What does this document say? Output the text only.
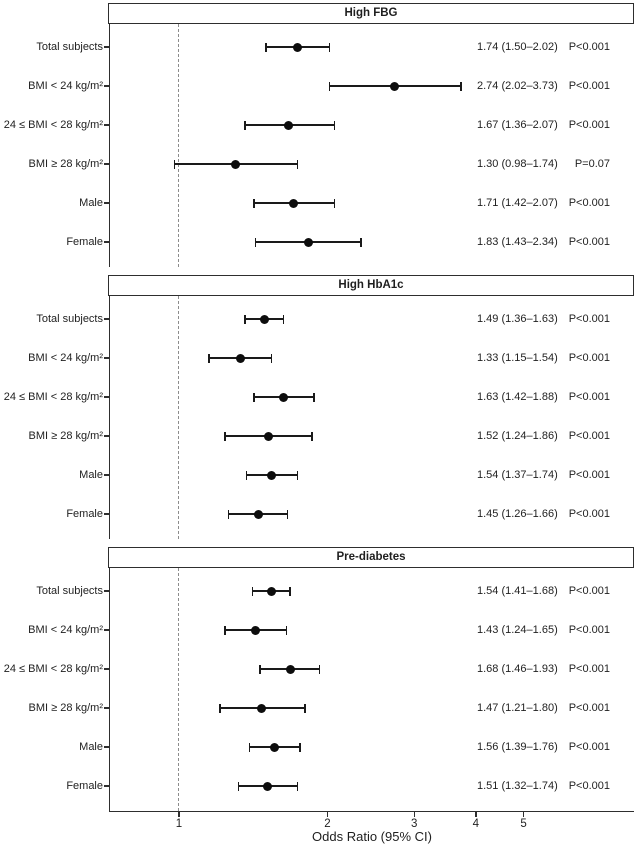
High FBG
High HbA1c
Pre-diabetes
Total subjects	1.74 (1.50–2.02) P<0.001
BMI < 24 kg/m²	2.74 (2.02–3.73) P<0.001
24 ≤ BMI < 28 kg/m²	1.67 (1.36–2.07) P<0.001
BMI ≥ 28 kg/m²	1.30 (0.98–1.74) P=0.07
Male	1.71 (1.42–2.07) P<0.001
Female	1.83 (1.43–2.34) P<0.001
Total subjects	1.49 (1.36–1.63) P<0.001
BMI < 24 kg/m²	1.33 (1.15–1.54) P<0.001
24 ≤ BMI < 28 kg/m²	1.63 (1.42–1.88) P<0.001
BMI ≥ 28 kg/m²	1.52 (1.24–1.86) P<0.001
Male	1.54 (1.37–1.74) P<0.001
Female	1.45 (1.26–1.66) P<0.001
Total subjects	1.54 (1.41–1.68) P<0.001
BMI < 24 kg/m²	1.43 (1.24–1.65) P<0.001
24 ≤ BMI < 28 kg/m²	1.68 (1.46–1.93) P<0.001
BMI ≥ 28 kg/m²	1.47 (1.21–1.80) P<0.001
Male	1.56 (1.39–1.76) P<0.001
Female	1.51 (1.32–1.74) P<0.001
1	2	3	4	5
Odds Ratio (95% CI)
